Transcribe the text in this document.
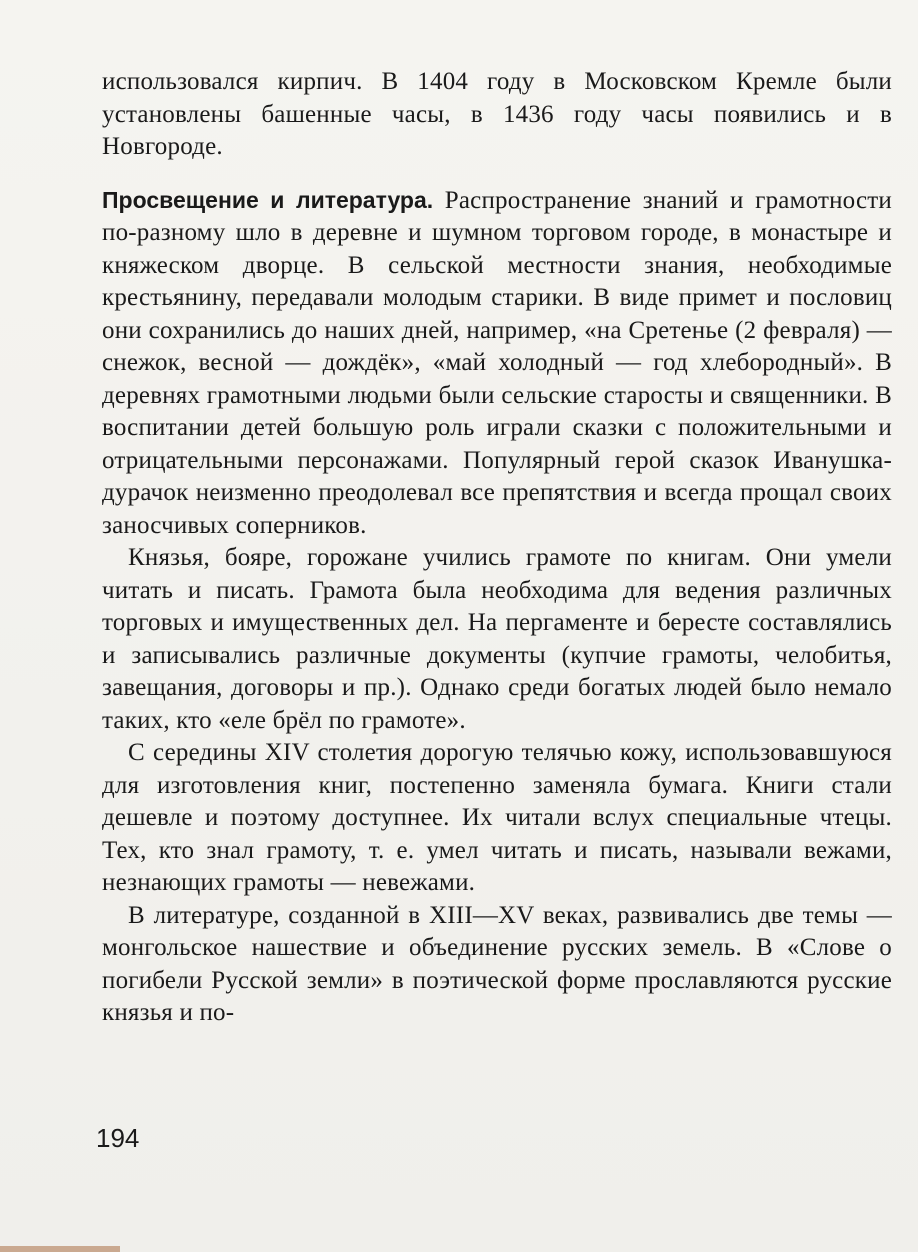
использовался кирпич. В 1404 году в Московском Кремле были установлены башенные часы, в 1436 году часы появились и в Новгороде.

Просвещение и литература. Распространение знаний и грамотности по-разному шло в деревне и шумном торговом городе, в монастыре и княжеском дворце. В сельской местности знания, необходимые крестьянину, передавали молодым старики. В виде примет и пословиц они сохранились до наших дней, например, «на Сретенье (2 февраля) — снежок, весной — дождёк», «май холодный — год хлебородный». В деревнях грамотными людьми были сельские старосты и священники. В воспитании детей большую роль играли сказки с положительными и отрицательными персонажами. Популярный герой сказок Иванушка-дурачок неизменно преодолевал все препятствия и всегда прощал своих заносчивых соперников.

Князья, бояре, горожане учились грамоте по книгам. Они умели читать и писать. Грамота была необходима для ведения различных торговых и имущественных дел. На пергаменте и бересте составлялись и записывались различные документы (купчие грамоты, челобитья, завещания, договоры и пр.). Однако среди богатых людей было немало таких, кто «еле брёл по грамоте».

С середины XIV столетия дорогую телячью кожу, использовавшуюся для изготовления книг, постепенно заменяла бумага. Книги стали дешевле и поэтому доступнее. Их читали вслух специальные чтецы. Тех, кто знал грамоту, т. е. умел читать и писать, называли вежами, незнающих грамоты — невежами.

В литературе, созданной в XIII—XV веках, развивались две темы — монгольское нашествие и объединение русских земель. В «Слове о погибели Русской земли» в поэтической форме прославляются русские князья и по-

194
